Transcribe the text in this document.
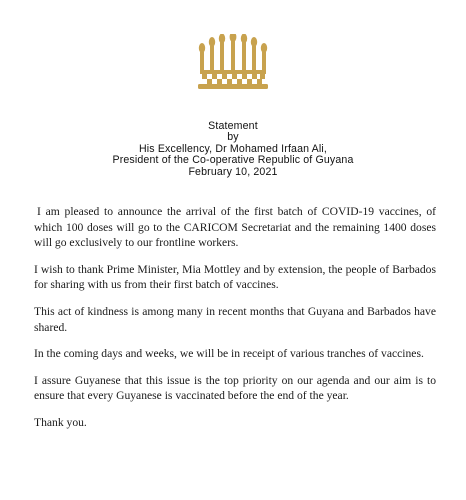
Statement
by
His Excellency, Dr Mohamed Irfaan Ali,
President of the Co-operative Republic of Guyana
February 10, 2021

I am pleased to announce the arrival of the first batch of COVID-19 vaccines, of which 100 doses will go to the CARICOM Secretariat and the remaining 1400 doses will go exclusively to our frontline workers.

I wish to thank Prime Minister, Mia Mottley and by extension, the people of Barbados for sharing with us from their first batch of vaccines.

This act of kindness is among many in recent months that Guyana and Barbados have shared.

In the coming days and weeks, we will be in receipt of various tranches of vaccines.

I assure Guyanese that this issue is the top priority on our agenda and our aim is to ensure that every Guyanese is vaccinated before the end of the year.

Thank you.
